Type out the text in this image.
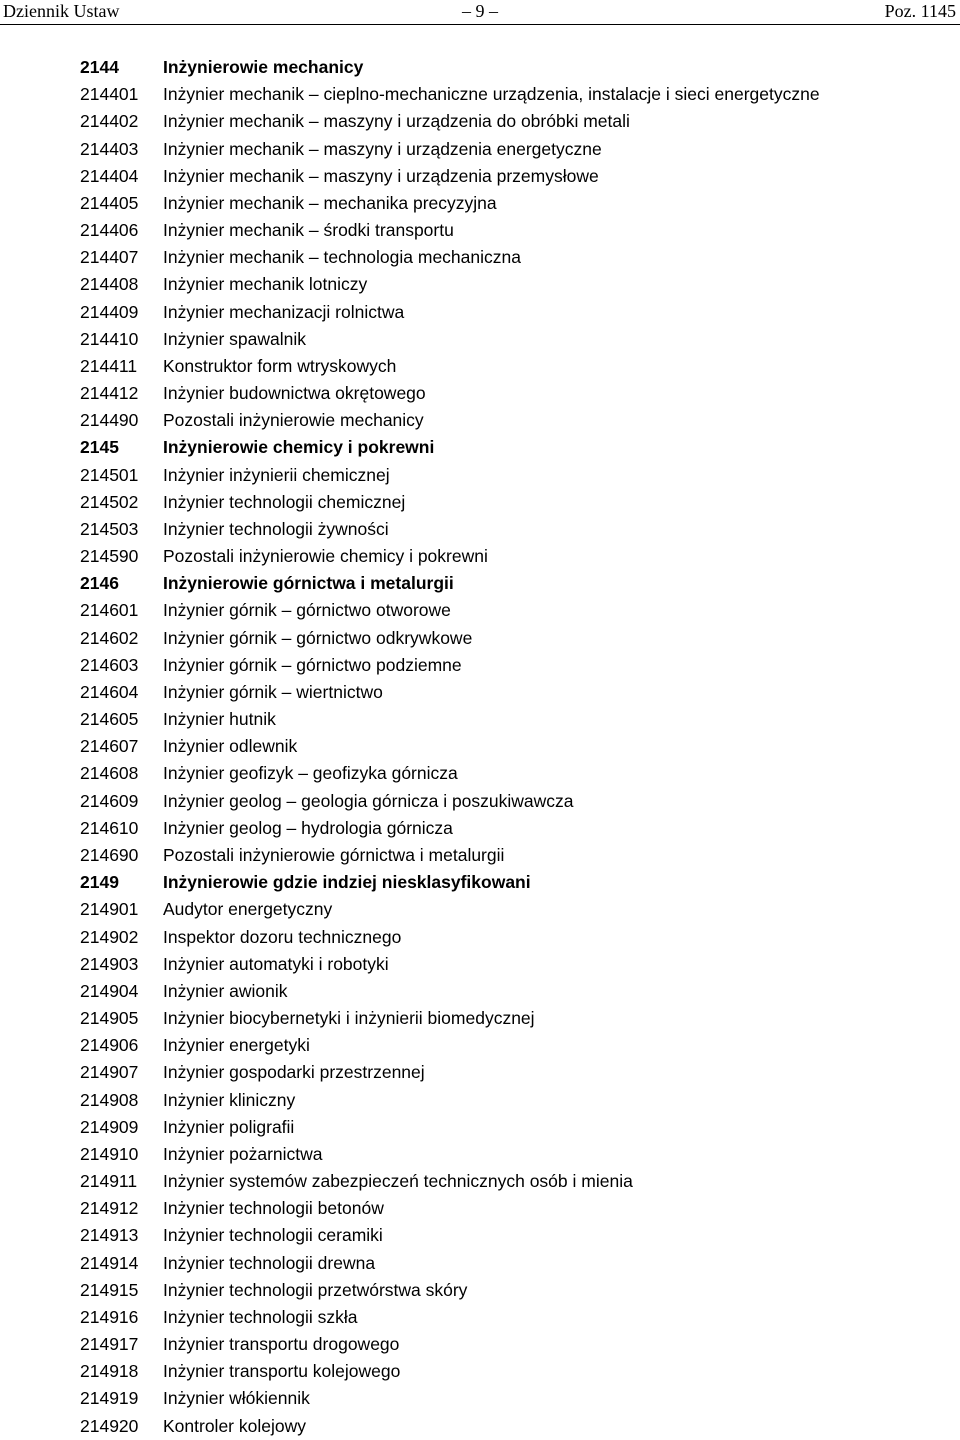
Dziennik Ustaw	– 9 –	Poz. 1145
2144	Inżynierowie mechanicy
214401	Inżynier mechanik – cieplno-mechaniczne urządzenia, instalacje i sieci energetyczne
214402	Inżynier mechanik – maszyny i urządzenia do obróbki metali
214403	Inżynier mechanik – maszyny i urządzenia energetyczne
214404	Inżynier mechanik – maszyny i urządzenia przemysłowe
214405	Inżynier mechanik – mechanika precyzyjna
214406	Inżynier mechanik – środki transportu
214407	Inżynier mechanik – technologia mechaniczna
214408	Inżynier mechanik lotniczy
214409	Inżynier mechanizacji rolnictwa
214410	Inżynier spawalnik
214411	Konstruktor form wtryskowych
214412	Inżynier budownictwa okrętowego
214490	Pozostali inżynierowie mechanicy
2145	Inżynierowie chemicy i pokrewni
214501	Inżynier inżynierii chemicznej
214502	Inżynier technologii chemicznej
214503	Inżynier technologii żywności
214590	Pozostali inżynierowie chemicy i pokrewni
2146	Inżynierowie górnictwa i metalurgii
214601	Inżynier górnik – górnictwo otworowe
214602	Inżynier górnik – górnictwo odkrywkowe
214603	Inżynier górnik – górnictwo podziemne
214604	Inżynier górnik – wiertnictwo
214605	Inżynier hutnik
214607	Inżynier odlewnik
214608	Inżynier geofizyk – geofizyka górnicza
214609	Inżynier geolog – geologia górnicza i poszukiwawcza
214610	Inżynier geolog – hydrologia górnicza
214690	Pozostali inżynierowie górnictwa i metalurgii
2149	Inżynierowie gdzie indziej niesklasyfikowani
214901	Audytor energetyczny
214902	Inspektor dozoru technicznego
214903	Inżynier automatyki i robotyki
214904	Inżynier awionik
214905	Inżynier biocybernetyki i inżynierii biomedycznej
214906	Inżynier energetyki
214907	Inżynier gospodarki przestrzennej
214908	Inżynier kliniczny
214909	Inżynier poligrafii
214910	Inżynier pożarnictwa
214911	Inżynier systemów zabezpieczeń technicznych osób i mienia
214912	Inżynier technologii betonów
214913	Inżynier technologii ceramiki
214914	Inżynier technologii drewna
214915	Inżynier technologii przetwórstwa skóry
214916	Inżynier technologii szkła
214917	Inżynier transportu drogowego
214918	Inżynier transportu kolejowego
214919	Inżynier włókiennik
214920	Kontroler kolejowy
